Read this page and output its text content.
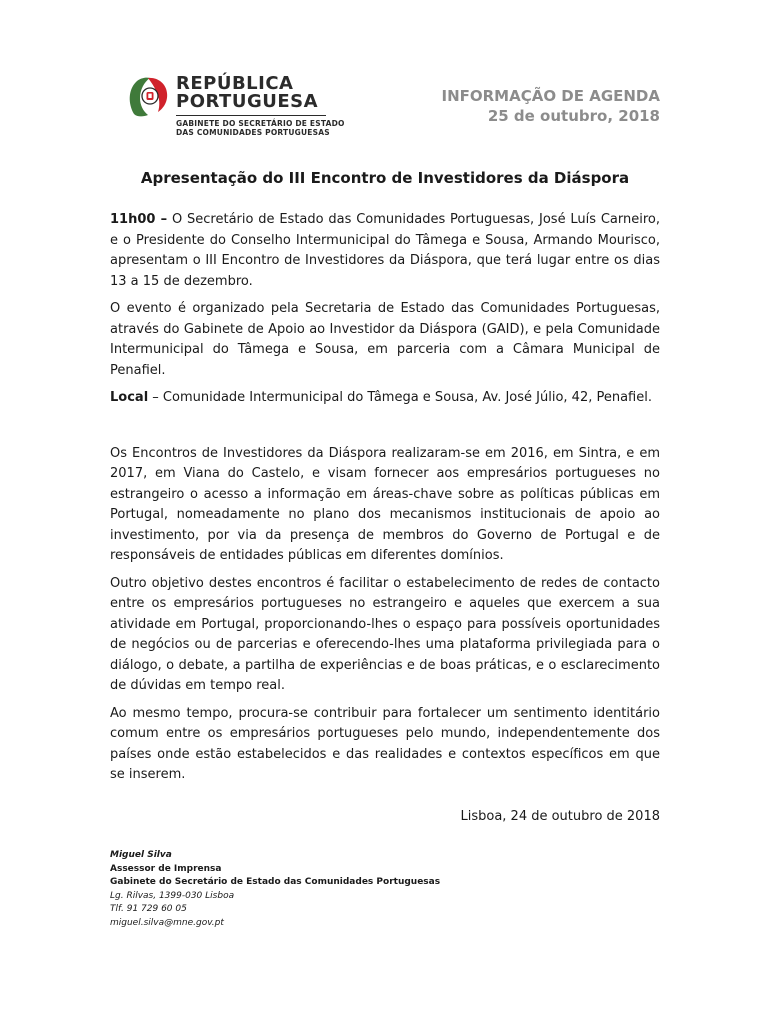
REPÚBLICA
PORTUGUESA
GABINETE DO SECRETÁRIO DE ESTADO
DAS COMUNIDADES PORTUGUESAS
INFORMAÇÃO DE AGENDA
25 de outubro, 2018
Apresentação do III Encontro de Investidores da Diáspora

11h00 – O Secretário de Estado das Comunidades Portuguesas, José Luís Carneiro, e o Presidente do Conselho Intermunicipal do Tâmega e Sousa, Armando Mourisco, apresentam o III Encontro de Investidores da Diáspora, que terá lugar entre os dias 13 a 15 de dezembro.

O evento é organizado pela Secretaria de Estado das Comunidades Portuguesas, através do Gabinete de Apoio ao Investidor da Diáspora (GAID), e pela Comunidade Intermunicipal do Tâmega e Sousa, em parceria com a Câmara Municipal de Penafiel.

Local – Comunidade Intermunicipal do Tâmega e Sousa, Av. José Júlio, 42, Penafiel.

Os Encontros de Investidores da Diáspora realizaram-se em 2016, em Sintra, e em 2017, em Viana do Castelo, e visam fornecer aos empresários portugueses no estrangeiro o acesso a informação em áreas-chave sobre as políticas públicas em Portugal, nomeadamente no plano dos mecanismos institucionais de apoio ao investimento, por via da presença de membros do Governo de Portugal e de responsáveis de entidades públicas em diferentes domínios.

Outro objetivo destes encontros é facilitar o estabelecimento de redes de contacto entre os empresários portugueses no estrangeiro e aqueles que exercem a sua atividade em Portugal, proporcionando-lhes o espaço para possíveis oportunidades de negócios ou de parcerias e oferecendo-lhes uma plataforma privilegiada para o diálogo, o debate, a partilha de experiências e de boas práticas, e o esclarecimento de dúvidas em tempo real.

Ao mesmo tempo, procura-se contribuir para fortalecer um sentimento identitário comum entre os empresários portugueses pelo mundo, independentemente dos países onde estão estabelecidos e das realidades e contextos específicos em que se inserem.

Lisboa, 24 de outubro de 2018
Miguel Silva
Assessor de Imprensa
Gabinete do Secretário de Estado das Comunidades Portuguesas
Lg. Rilvas, 1399-030 Lisboa
Tlf. 91 729 60 05
miguel.silva@mne.gov.pt
